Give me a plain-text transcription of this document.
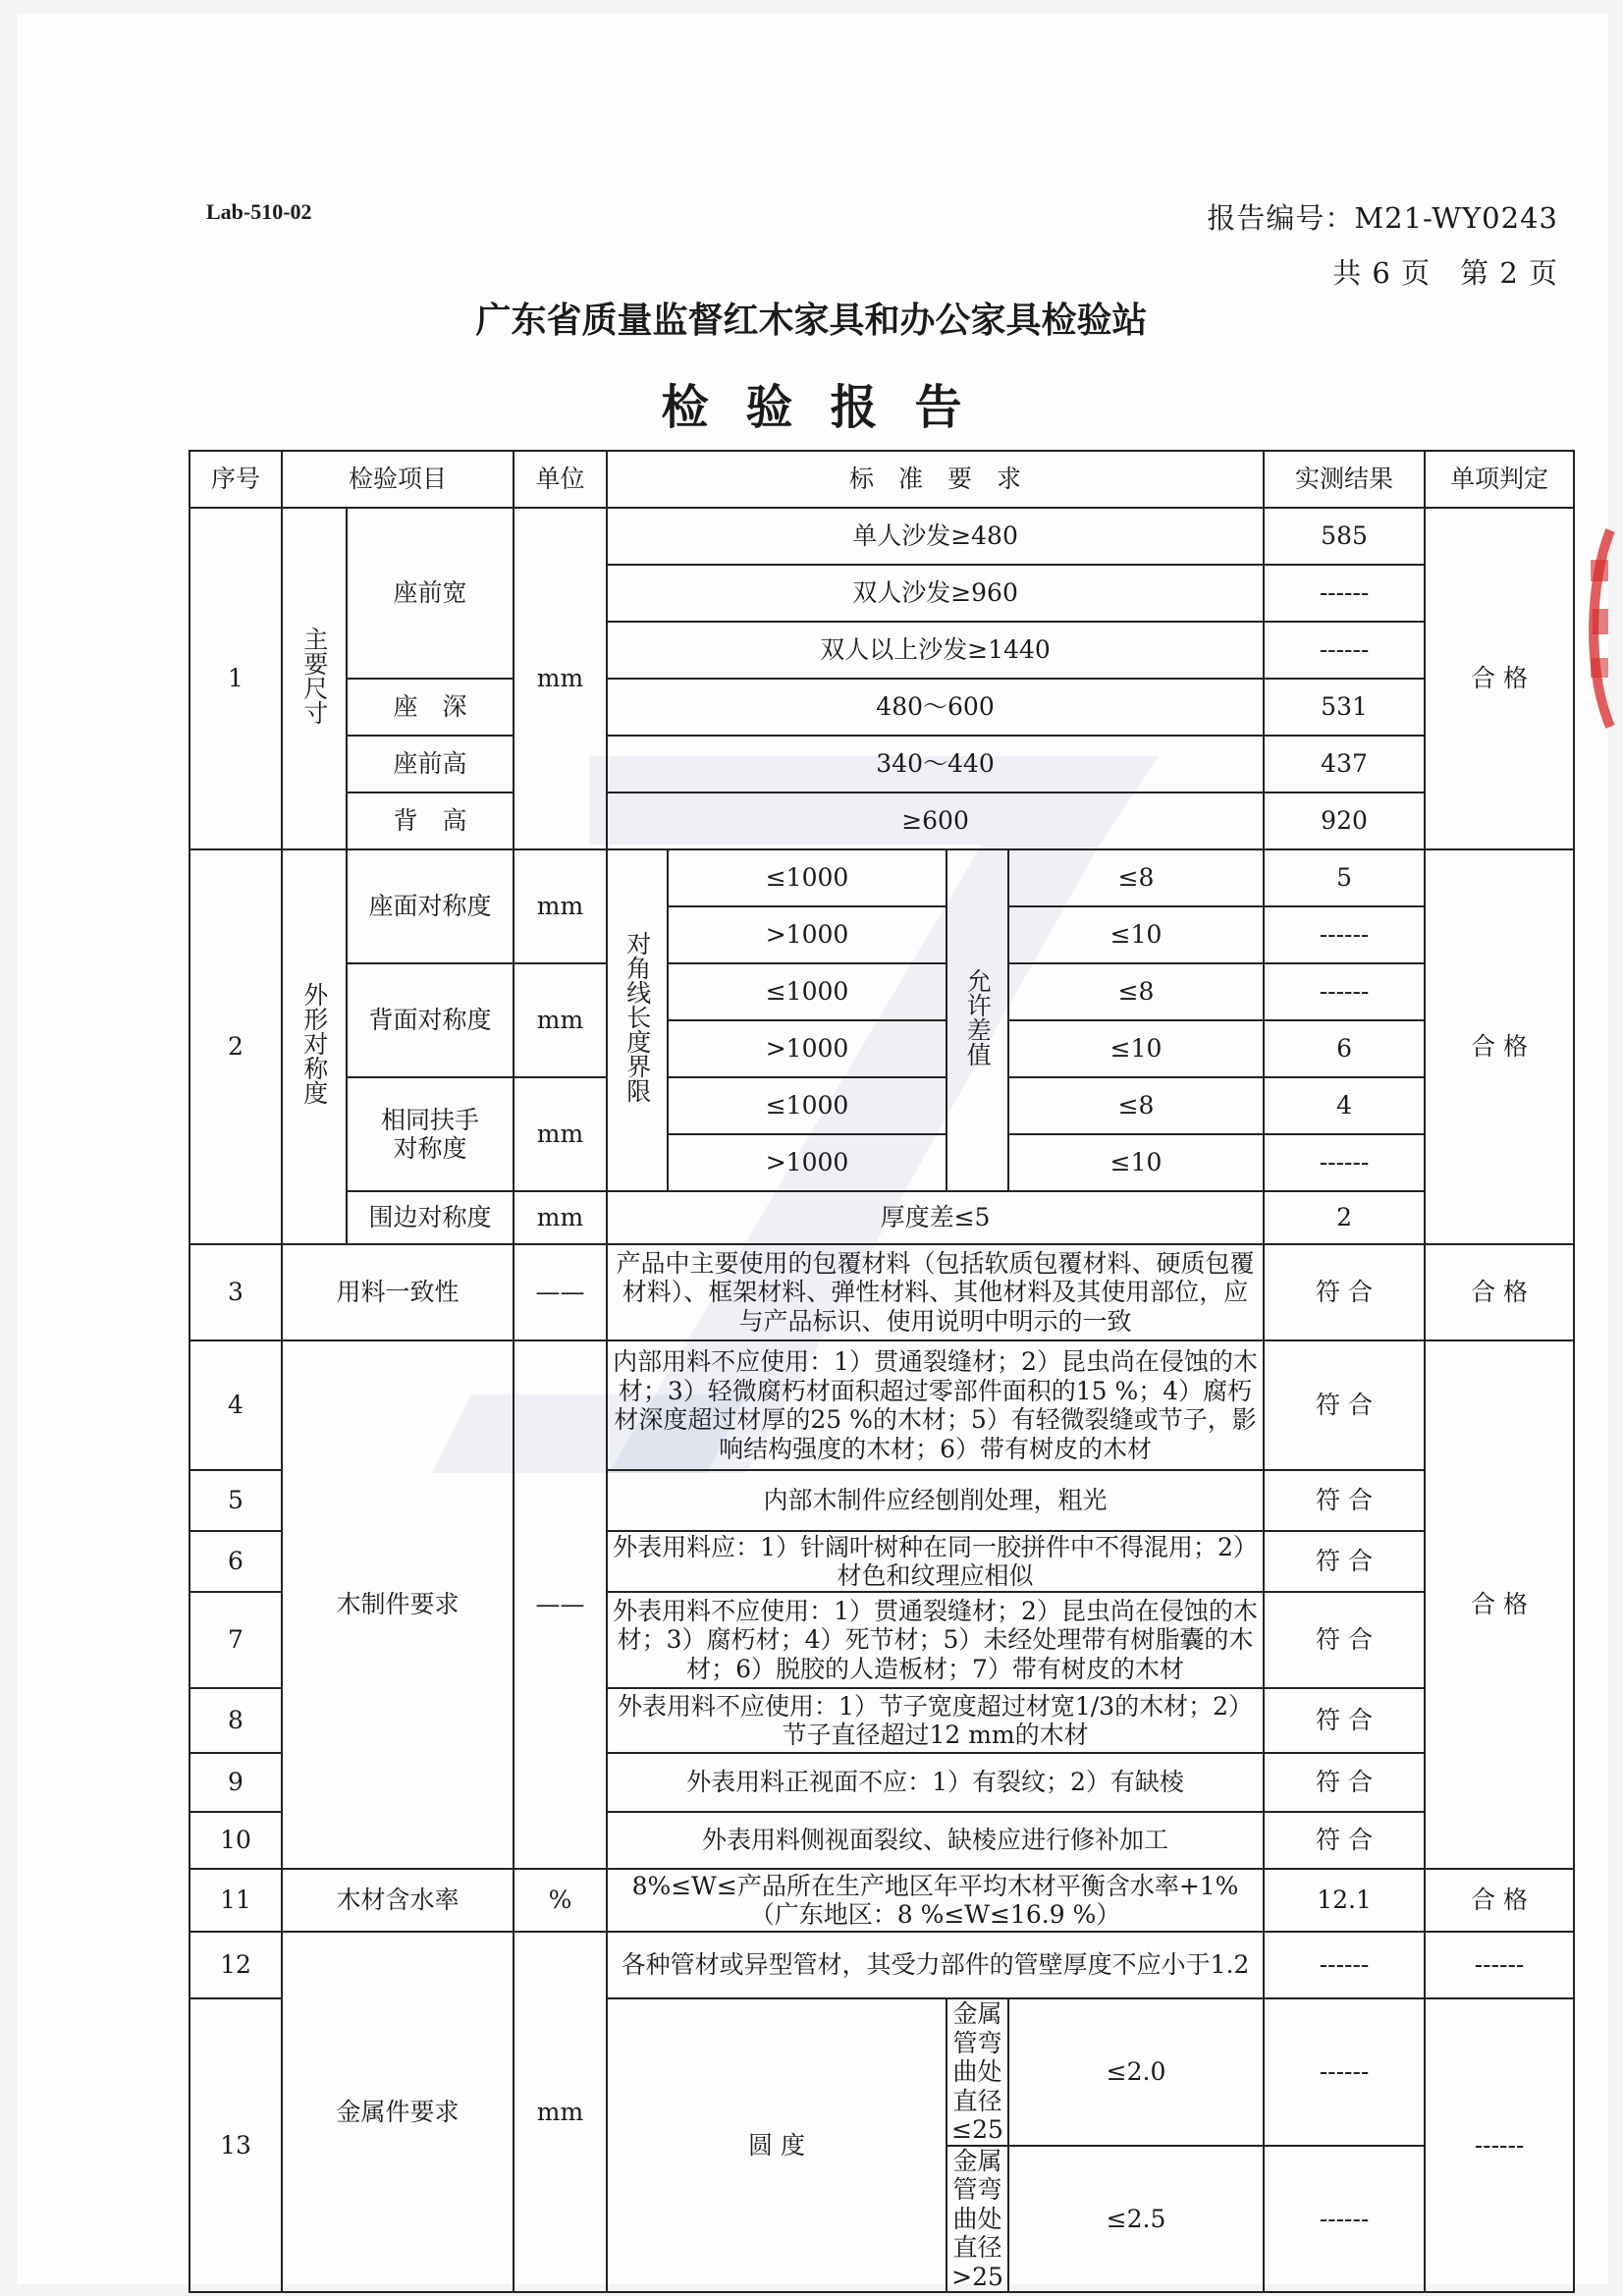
Lab-510-02	报告编号：M21-WY0243
共 6 页　第 2 页
广东省质量监督红木家具和办公家具检验站
检验报告
序号	检验项目		单位	标　准　要　求				实测结果	单项判定
1	主要尺寸	座前宽	mm	单人沙发≥480				585	合 格
				双人沙发≥960				------	
				双人以上沙发≥1440				------	
		座　深		480～600				531	
		座前高		340～440				437	
		背　高		≥600				920	
2	外形对称度	座面对称度	mm	对角线长度界限	≤1000	允许差值	≤8	5	合 格
					>1000		≤10	------	
		背面对称度	mm		≤1000		≤8	------	
					>1000		≤10	6	
		相同扶手对称度	mm		≤1000		≤8	4	
					>1000		≤10	------	
		围边对称度	mm	厚度差≤5				2	
3	用料一致性		——	产品中主要使用的包覆材料（包括软质包覆材料、硬质包覆材料）、框架材料、弹性材料、其他材料及其使用部位，应与产品标识、使用说明中明示的一致				符 合	合 格
4	木制件要求		——	内部用料不应使用：1）贯通裂缝材；2）昆虫尚在侵蚀的木材；3）轻微腐朽材面积超过零部件面积的15 %；4）腐朽材深度超过材厚的25 %的木材；5）有轻微裂缝或节子，影响结构强度的木材；6）带有树皮的木材				符 合	合 格
5				内部木制件应经刨削处理，粗光				符 合	
6				外表用料应：1）针阔叶树种在同一胶拼件中不得混用；2）材色和纹理应相似				符 合	
7				外表用料不应使用：1）贯通裂缝材；2）昆虫尚在侵蚀的木材；3）腐朽材；4）死节材；5）未经处理带有树脂囊的木材；6）脱胶的人造板材；7）带有树皮的木材				符 合	
8				外表用料不应使用：1）节子宽度超过材宽1/3的木材；2）节子直径超过12 mm的木材				符 合	
9				外表用料正视面不应：1）有裂纹；2）有缺棱				符 合	
10				外表用料侧视面裂纹、缺棱应进行修补加工				符 合	
11	木材含水率		%	8%≤W≤产品所在生产地区年平均木材平衡含水率+1%（广东地区：8 %≤W≤16.9 %）				12.1	合 格
12	金属件要求		mm	各种管材或异型管材，其受力部件的管壁厚度不应小于1.2				------	------
13				圆 度		金属管弯曲处直径≤25	≤2.0	------	------
						金属管弯曲处直径>25	≤2.5	------	
